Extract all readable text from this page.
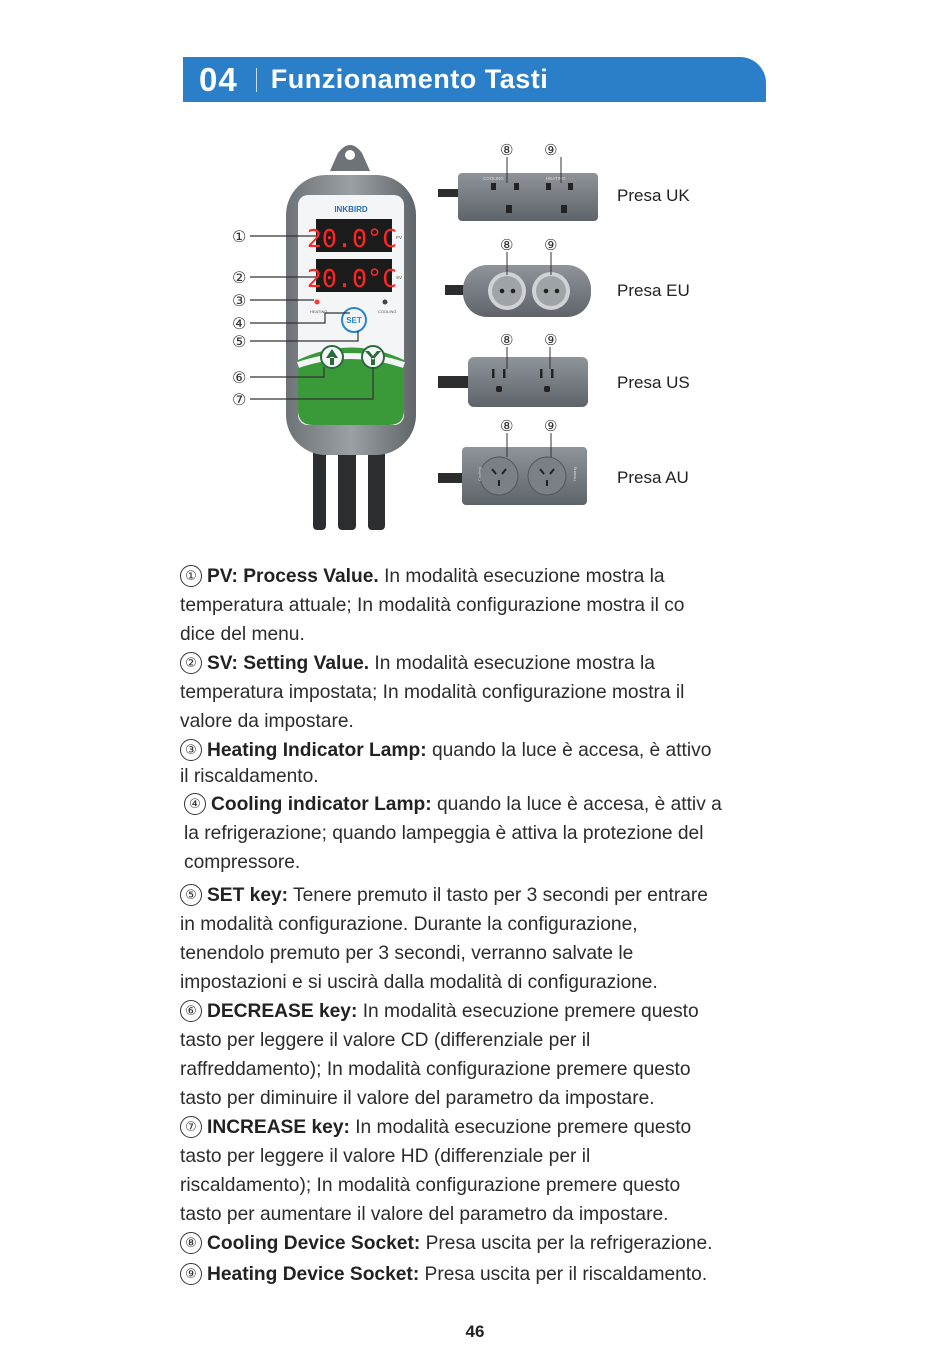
04 Funzionamento Tasti
INKBIRD
20.0°C
20.0°C
PV
SV
HEATING	COOLING
SET
①
②
③
④
⑤
⑥
⑦
COOLING	HEATING
⑧ ⑨
⑧ ⑨
⑧ ⑨
Cooling	Heating
⑧ ⑨
Presa UK
Presa EU
Presa US
Presa AU

① PV: Process Value. In modalità esecuzione mostra la
temperatura attuale; In modalità configurazione mostra il co
dice del menu.

② SV: Setting Value. In modalità esecuzione mostra la
temperatura impostata; In modalità configurazione mostra il
valore da impostare.

③ Heating Indicator Lamp: quando la luce è accesa, è attivo
il riscaldamento.

④ Cooling indicator Lamp: quando la luce è accesa, è attiv a
la refrigerazione; quando lampeggia è attiva la protezione del
compressore.

⑤ SET key: Tenere premuto il tasto per 3 secondi per entrare
in modalità configurazione. Durante la configurazione,
tenendolo premuto per 3 secondi, verranno salvate le
impostazioni e si uscirà dalla modalità di configurazione.

⑥ DECREASE key: In modalità esecuzione premere questo
tasto per leggere il valore CD (differenziale per il
raffreddamento); In modalità configurazione premere questo
tasto per diminuire il valore del parametro da impostare.

⑦ INCREASE key: In modalità esecuzione premere questo
tasto per leggere il valore HD (differenziale per il
riscaldamento); In modalità configurazione premere questo
tasto per aumentare il valore del parametro da impostare.

⑧ Cooling Device Socket: Presa uscita per la refrigerazione.

⑨ Heating Device Socket: Presa uscita per il riscaldamento.

46
